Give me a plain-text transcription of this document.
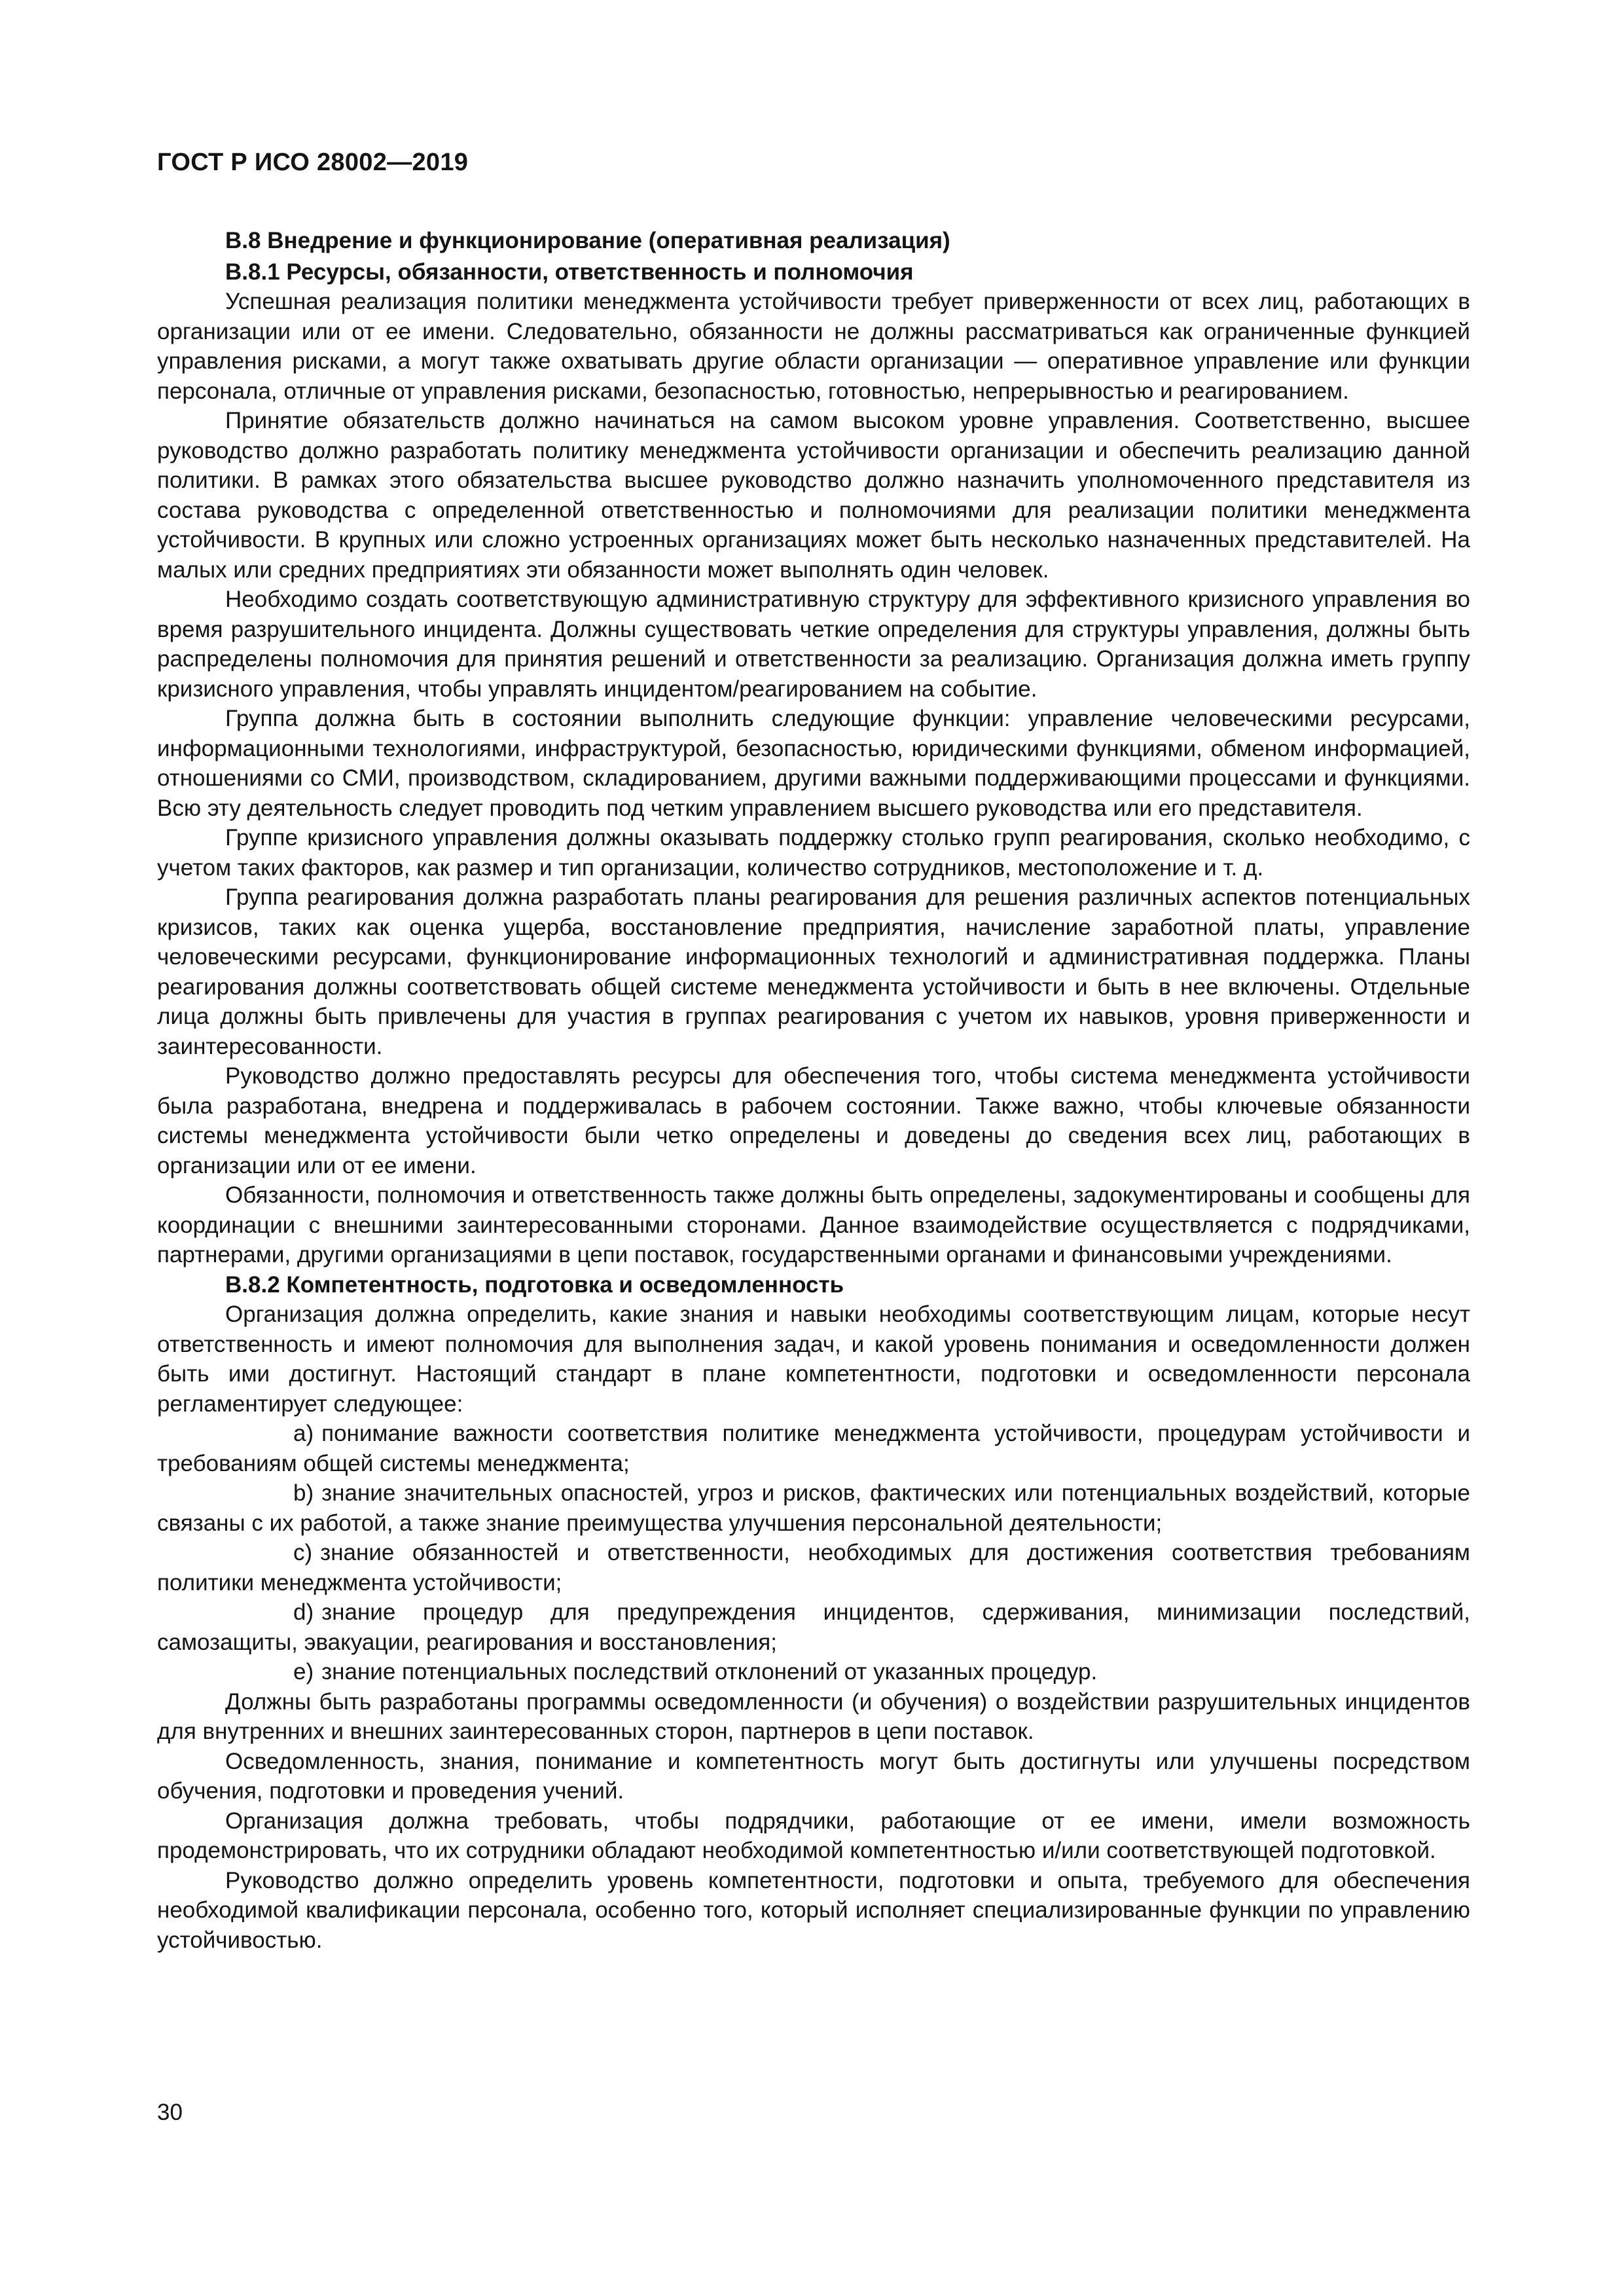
ГОСТ Р ИСО 28002—2019
B.8 Внедрение и функционирование (оперативная реализация)
B.8.1 Ресурсы, обязанности, ответственность и полномочия

Успешная реализация политики менеджмента устойчивости требует приверженности от всех лиц, работающих в организации или от ее имени. Следовательно, обязанности не должны рассматриваться как ограниченные функцией управления рисками, а могут также охватывать другие области организации — оперативное управление или функции персонала, отличные от управления рисками, безопасностью, готовностью, непрерывностью и реагированием.

Принятие обязательств должно начинаться на самом высоком уровне управления. Соответственно, высшее руководство должно разработать политику менеджмента устойчивости организации и обеспечить реализацию данной политики. В рамках этого обязательства высшее руководство должно назначить уполномоченного представителя из состава руководства с определенной ответственностью и полномочиями для реализации политики менеджмента устойчивости. В крупных или сложно устроенных организациях может быть несколько назначенных представителей. На малых или средних предприятиях эти обязанности может выполнять один человек.

Необходимо создать соответствующую административную структуру для эффективного кризисного управления во время разрушительного инцидента. Должны существовать четкие определения для структуры управления, должны быть распределены полномочия для принятия решений и ответственности за реализацию. Организация должна иметь группу кризисного управления, чтобы управлять инцидентом/реагированием на событие.

Группа должна быть в состоянии выполнить следующие функции: управление человеческими ресурсами, информационными технологиями, инфраструктурой, безопасностью, юридическими функциями, обменом информацией, отношениями со СМИ, производством, складированием, другими важными поддерживающими процессами и функциями. Всю эту деятельность следует проводить под четким управлением высшего руководства или его представителя.

Группе кризисного управления должны оказывать поддержку столько групп реагирования, сколько необходимо, с учетом таких факторов, как размер и тип организации, количество сотрудников, местоположение и т. д.

Группа реагирования должна разработать планы реагирования для решения различных аспектов потенциальных кризисов, таких как оценка ущерба, восстановление предприятия, начисление заработной платы, управление человеческими ресурсами, функционирование информационных технологий и административная поддержка. Планы реагирования должны соответствовать общей системе менеджмента устойчивости и быть в нее включены. Отдельные лица должны быть привлечены для участия в группах реагирования с учетом их навыков, уровня приверженности и заинтересованности.

Руководство должно предоставлять ресурсы для обеспечения того, чтобы система менеджмента устойчивости была разработана, внедрена и поддерживалась в рабочем состоянии. Также важно, чтобы ключевые обязанности системы менеджмента устойчивости были четко определены и доведены до сведения всех лиц, работающих в организации или от ее имени.

Обязанности, полномочия и ответственность также должны быть определены, задокументированы и сообщены для координации с внешними заинтересованными сторонами. Данное взаимодействие осуществляется с подрядчиками, партнерами, другими организациями в цепи поставок, государственными органами и финансовыми учреждениями.

B.8.2 Компетентность, подготовка и осведомленность

Организация должна определить, какие знания и навыки необходимы соответствующим лицам, которые несут ответственность и имеют полномочия для выполнения задач, и какой уровень понимания и осведомленности должен быть ими достигнут. Настоящий стандарт в плане компетентности, подготовки и осведомленности персонала регламентирует следующее:

а) понимание важности соответствия политике менеджмента устойчивости, процедурам устойчивости и требованиям общей системы менеджмента;

b) знание значительных опасностей, угроз и рисков, фактических или потенциальных воздействий, которые связаны с их работой, а также знание преимущества улучшения персональной деятельности;

с) знание обязанностей и ответственности, необходимых для достижения соответствия требованиям политики менеджмента устойчивости;

d) знание процедур для предупреждения инцидентов, сдерживания, минимизации последствий, самозащиты, эвакуации, реагирования и восстановления;

е) знание потенциальных последствий отклонений от указанных процедур.

Должны быть разработаны программы осведомленности (и обучения) о воздействии разрушительных инцидентов для внутренних и внешних заинтересованных сторон, партнеров в цепи поставок.

Осведомленность, знания, понимание и компетентность могут быть достигнуты или улучшены посредством обучения, подготовки и проведения учений.

Организация должна требовать, чтобы подрядчики, работающие от ее имени, имели возможность продемонстрировать, что их сотрудники обладают необходимой компетентностью и/или соответствующей подготовкой.

Руководство должно определить уровень компетентности, подготовки и опыта, требуемого для обеспечения необходимой квалификации персонала, особенно того, который исполняет специализированные функции по управлению устойчивостью.

30
